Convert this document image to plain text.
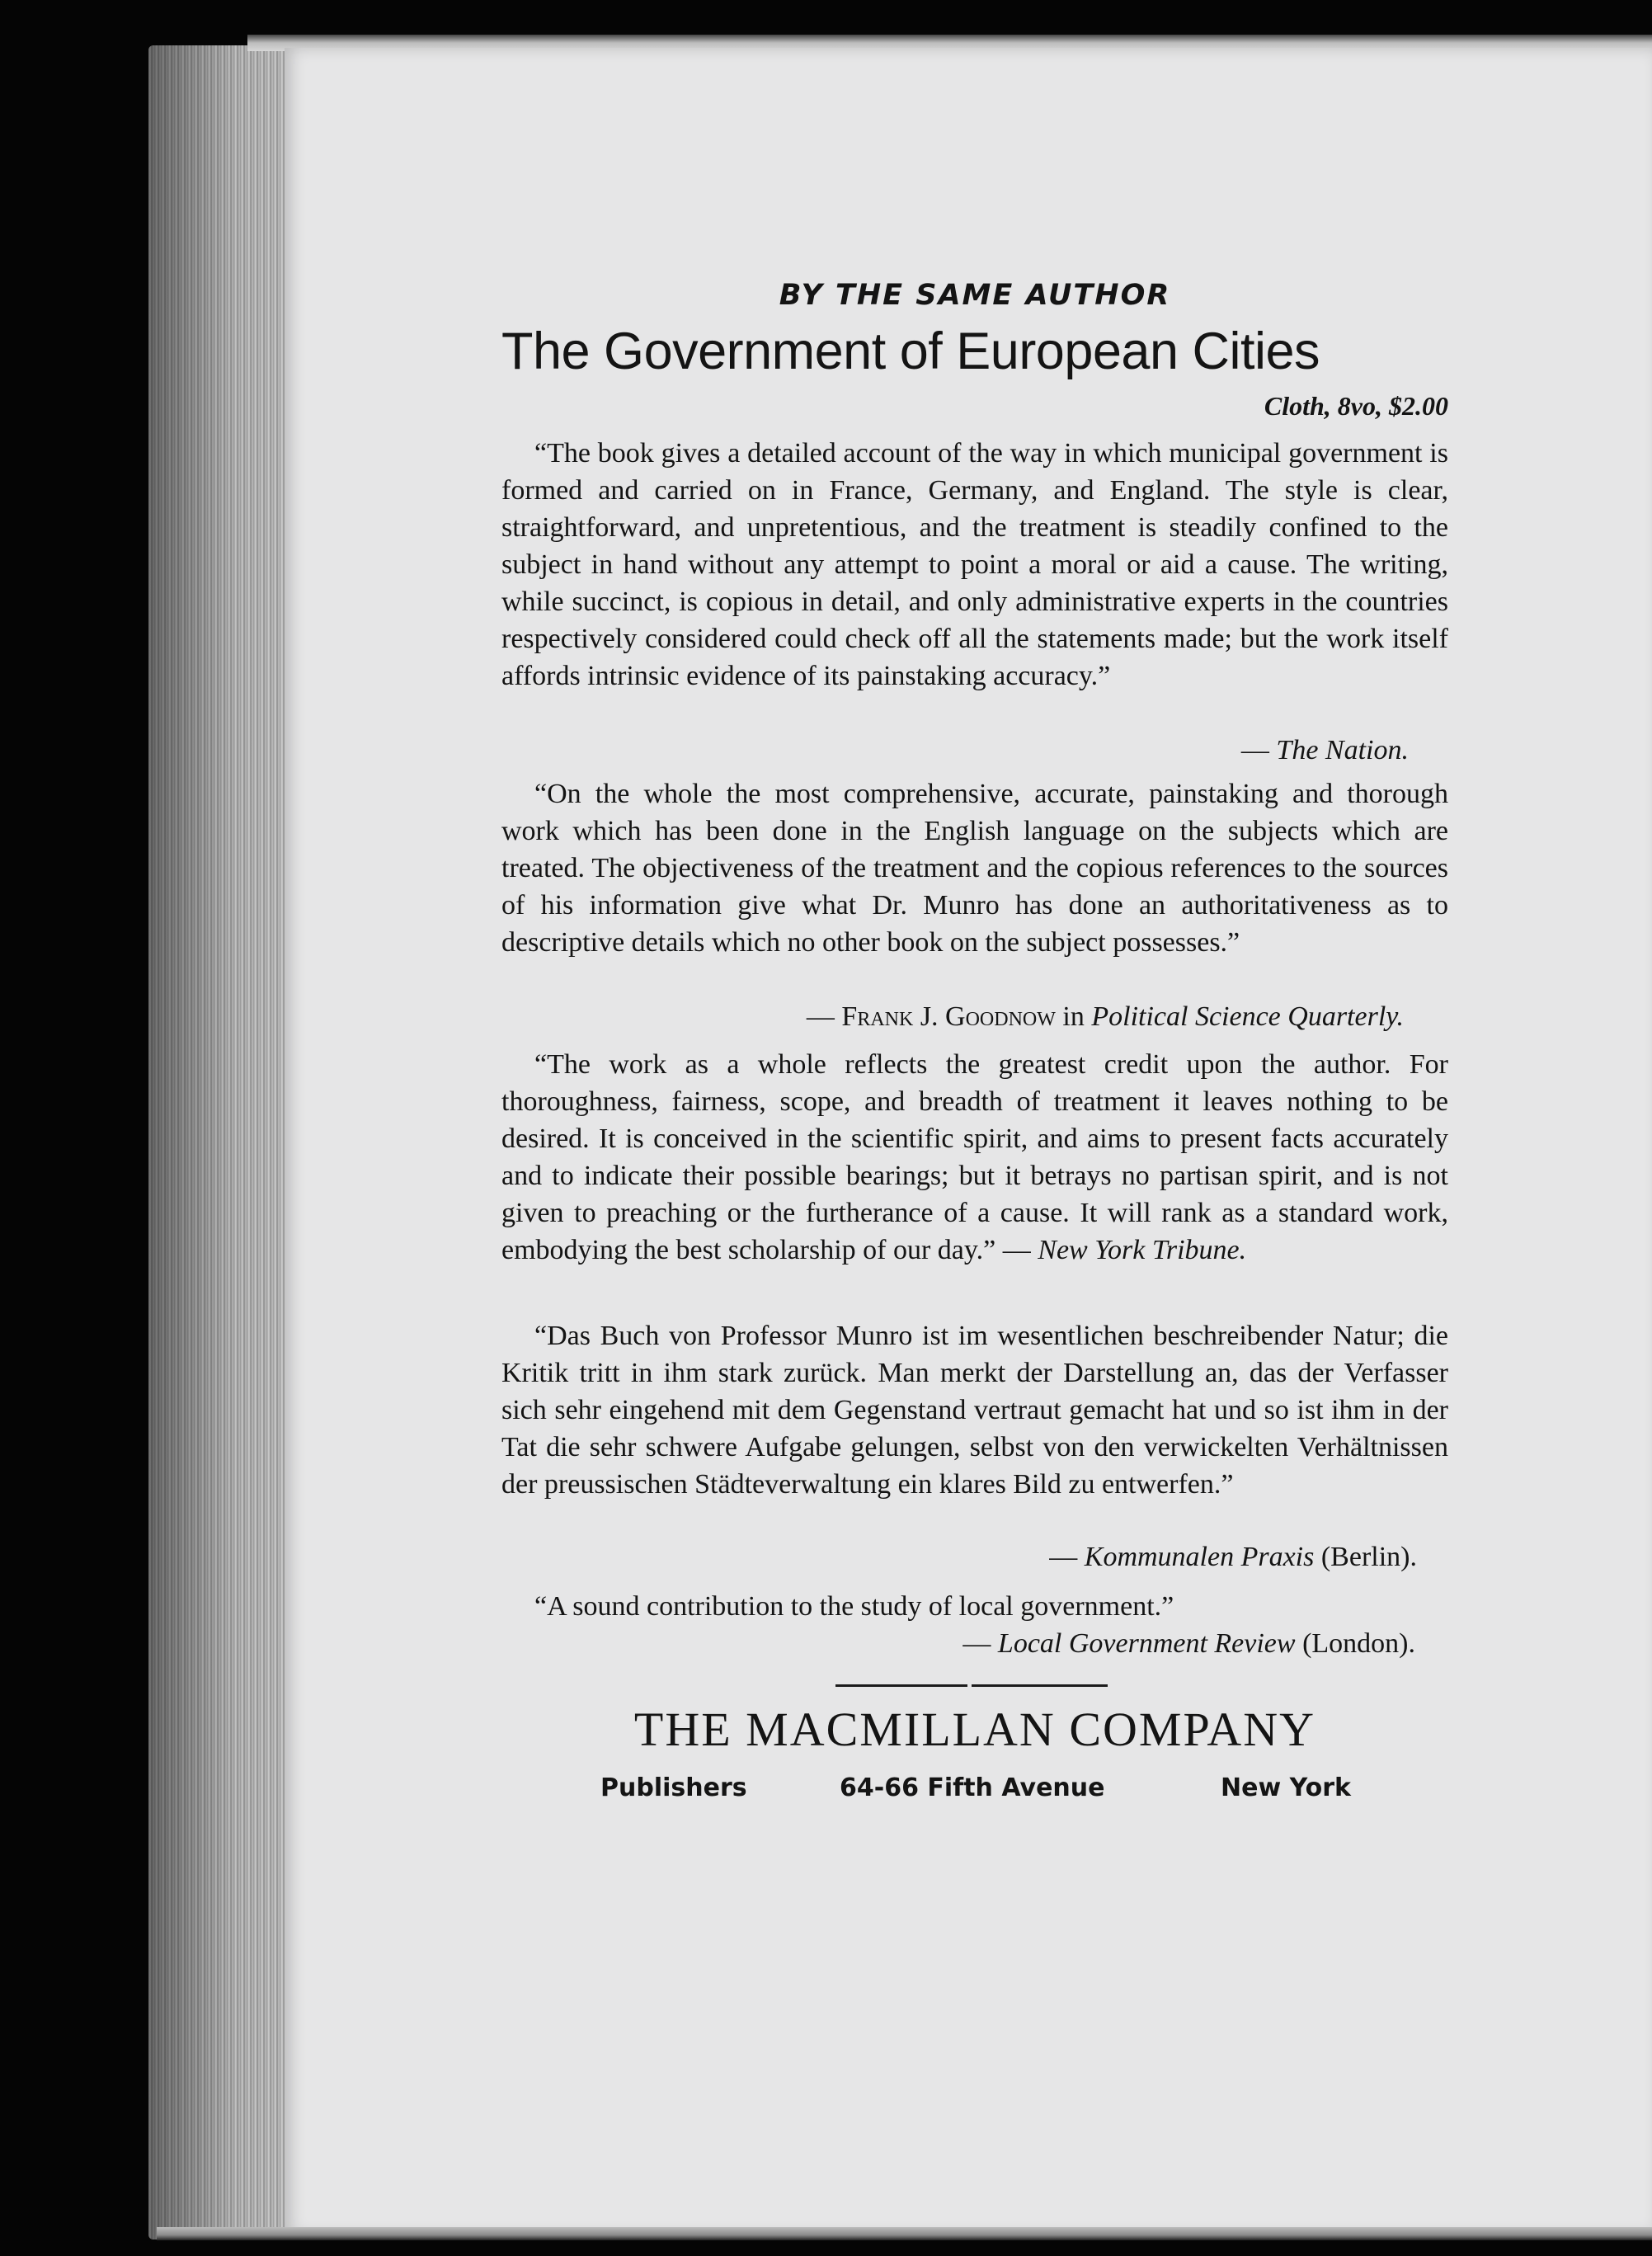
BY THE SAME AUTHOR
The Government of European Cities
Cloth, 8vo, $2.00

“The book gives a detailed account of the way in which municipal government is formed and carried on in France, Germany, and England. The style is clear, straightforward, and unpretentious, and the treatment is steadily confined to the subject in hand without any attempt to point a moral or aid a cause. The writing, while succinct, is copious in detail, and only administrative experts in the countries respectively considered could check off all the statements made; but the work itself affords intrinsic evidence of its painstaking accuracy.”

— The Nation.

“On the whole the most comprehensive, accurate, painstaking and thorough work which has been done in the English language on the subjects which are treated. The objectiveness of the treatment and the copious references to the sources of his information give what Dr. Munro has done an authoritativeness as to descriptive details which no other book on the subject possesses.”

— Frank J. Goodnow in Political Science Quarterly.

“The work as a whole reflects the greatest credit upon the author. For thoroughness, fairness, scope, and breadth of treatment it leaves nothing to be desired. It is conceived in the scientific spirit, and aims to present facts accurately and to indicate their possible bearings; but it betrays no partisan spirit, and is not given to preaching or the furtherance of a cause. It will rank as a standard work, embodying the best scholarship of our day.” — New York Tribune.

“Das Buch von Professor Munro ist im wesentlichen beschreibender Natur; die Kritik tritt in ihm stark zurück. Man merkt der Darstellung an, das der Verfasser sich sehr eingehend mit dem Gegenstand vertraut gemacht hat und so ist ihm in der Tat die sehr schwere Aufgabe gelungen, selbst von den verwickelten Verhältnissen der preussischen Städteverwaltung ein klares Bild zu entwerfen.”

— Kommunalen Praxis (Berlin).

“A sound contribution to the study of local government.”

— Local Government Review (London).
THE MACMILLAN COMPANY
Publishers	64-66 Fifth Avenue	New York
